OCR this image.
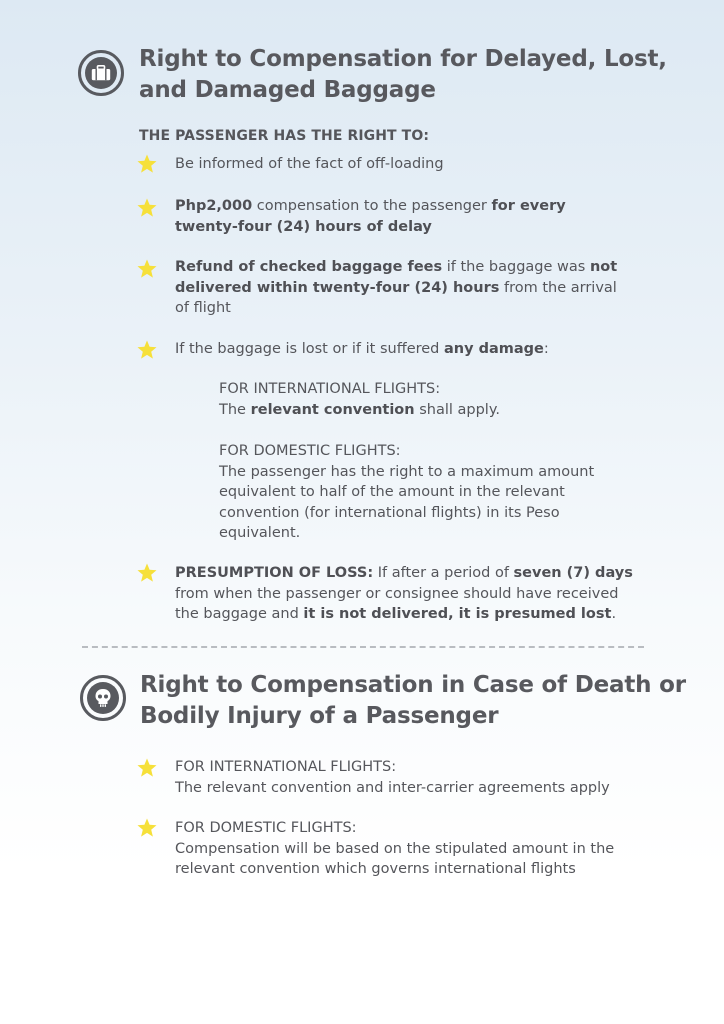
Right to Compensation for Delayed, Lost,
and Damaged Baggage

THE PASSENGER HAS THE RIGHT TO:

Be informed of the fact of off-loading

Php2,000 compensation to the passenger for every twenty-four (24) hours of delay

Refund of checked baggage fees if the baggage was not delivered within twenty-four (24) hours from the arrival of flight

If the baggage is lost or if it suffered any damage:

FOR INTERNATIONAL FLIGHTS:
The relevant convention shall apply.
FOR DOMESTIC FLIGHTS:
The passenger has the right to a maximum amount equivalent to half of the amount in the relevant convention (for international flights) in its Peso equivalent.

PRESUMPTION OF LOSS: If after a period of seven (7) days from when the passenger or consignee should have received the baggage and it is not delivered, it is presumed lost.

Right to Compensation in Case of Death or
Bodily Injury of a Passenger
FOR INTERNATIONAL FLIGHTS:
The relevant convention and inter-carrier agreements apply
FOR DOMESTIC FLIGHTS:
Compensation will be based on the stipulated amount in the relevant convention which governs international flights
